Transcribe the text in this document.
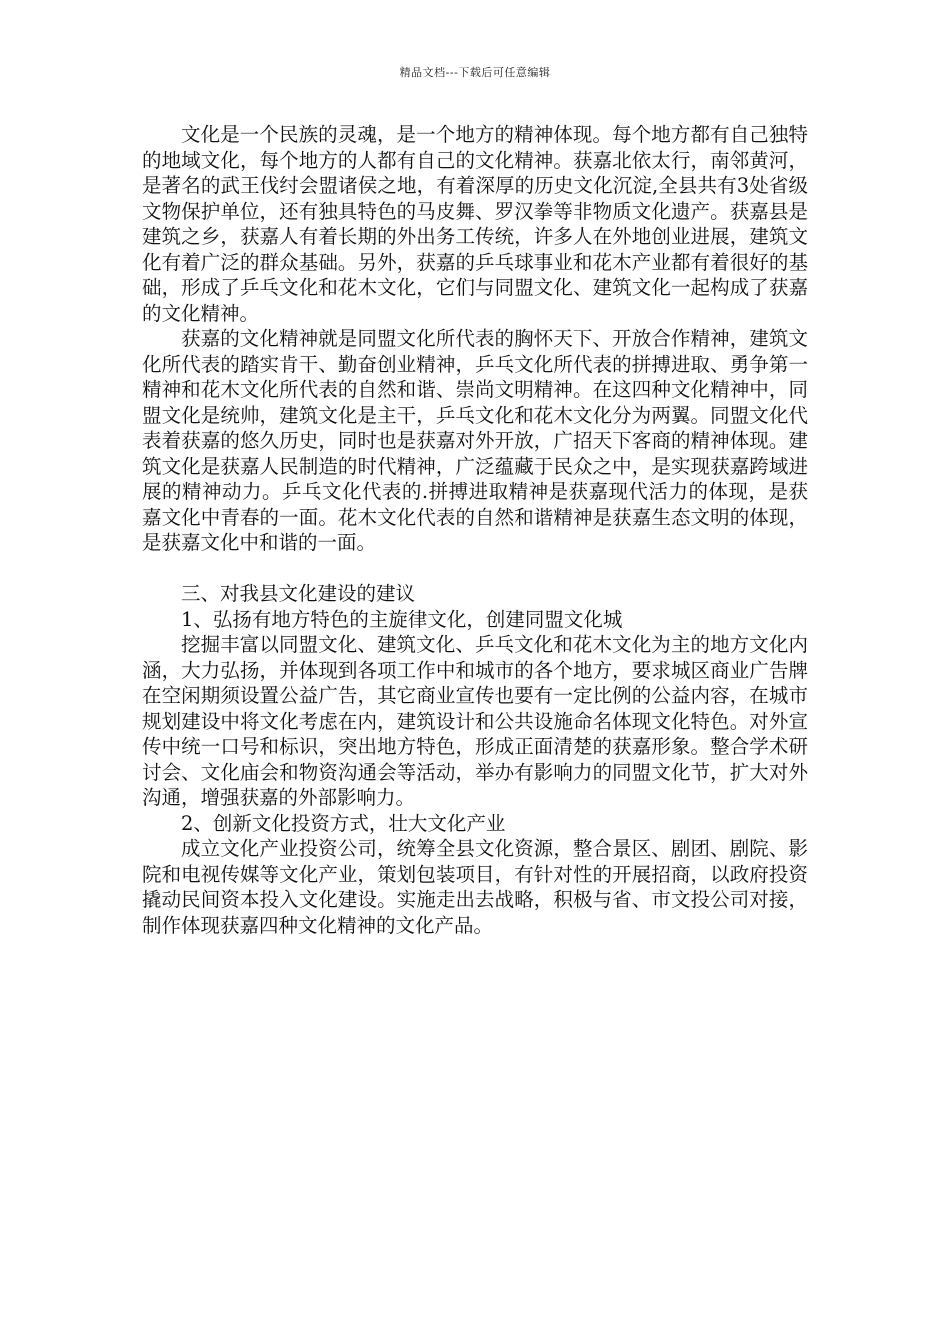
精品文档---下载后可任意编辑

文化是一个民族的灵魂，是一个地方的精神体现。每个地方都有自己独特的地域文化，每个地方的人都有自己的文化精神。获嘉北依太行，南邻黄河，是著名的武王伐纣会盟诸侯之地，有着深厚的历史文化沉淀,全县共有3处省级文物保护单位，还有独具特色的马皮舞、罗汉拳等非物质文化遗产。获嘉县是建筑之乡，获嘉人有着长期的外出务工传统，许多人在外地创业进展，建筑文化有着广泛的群众基础。另外，获嘉的乒乓球事业和花木产业都有着很好的基础，形成了乒乓文化和花木文化，它们与同盟文化、建筑文化一起构成了获嘉的文化精神。

获嘉的文化精神就是同盟文化所代表的胸怀天下、开放合作精神，建筑文化所代表的踏实肯干、勤奋创业精神，乒乓文化所代表的拼搏进取、勇争第一精神和花木文化所代表的自然和谐、崇尚文明精神。在这四种文化精神中，同盟文化是统帅，建筑文化是主干，乒乓文化和花木文化分为两翼。同盟文化代表着获嘉的悠久历史，同时也是获嘉对外开放，广招天下客商的精神体现。建筑文化是获嘉人民制造的时代精神，广泛蕴藏于民众之中，是实现获嘉跨域进展的精神动力。乒乓文化代表的.拼搏进取精神是获嘉现代活力的体现，是获嘉文化中青春的一面。花木文化代表的自然和谐精神是获嘉生态文明的体现，是获嘉文化中和谐的一面。

三、对我县文化建设的建议

1、弘扬有地方特色的主旋律文化，创建同盟文化城

挖掘丰富以同盟文化、建筑文化、乒乓文化和花木文化为主的地方文化内涵，大力弘扬，并体现到各项工作中和城市的各个地方，要求城区商业广告牌在空闲期须设置公益广告，其它商业宣传也要有一定比例的公益内容，在城市规划建设中将文化考虑在内，建筑设计和公共设施命名体现文化特色。对外宣传中统一口号和标识，突出地方特色，形成正面清楚的获嘉形象。整合学术研讨会、文化庙会和物资沟通会等活动，举办有影响力的同盟文化节，扩大对外沟通，增强获嘉的外部影响力。

2、创新文化投资方式，壮大文化产业

成立文化产业投资公司，统筹全县文化资源，整合景区、剧团、剧院、影院和电视传媒等文化产业，策划包装项目，有针对性的开展招商，以政府投资撬动民间资本投入文化建设。实施走出去战略，积极与省、市文投公司对接，制作体现获嘉四种文化精神的文化产品。
